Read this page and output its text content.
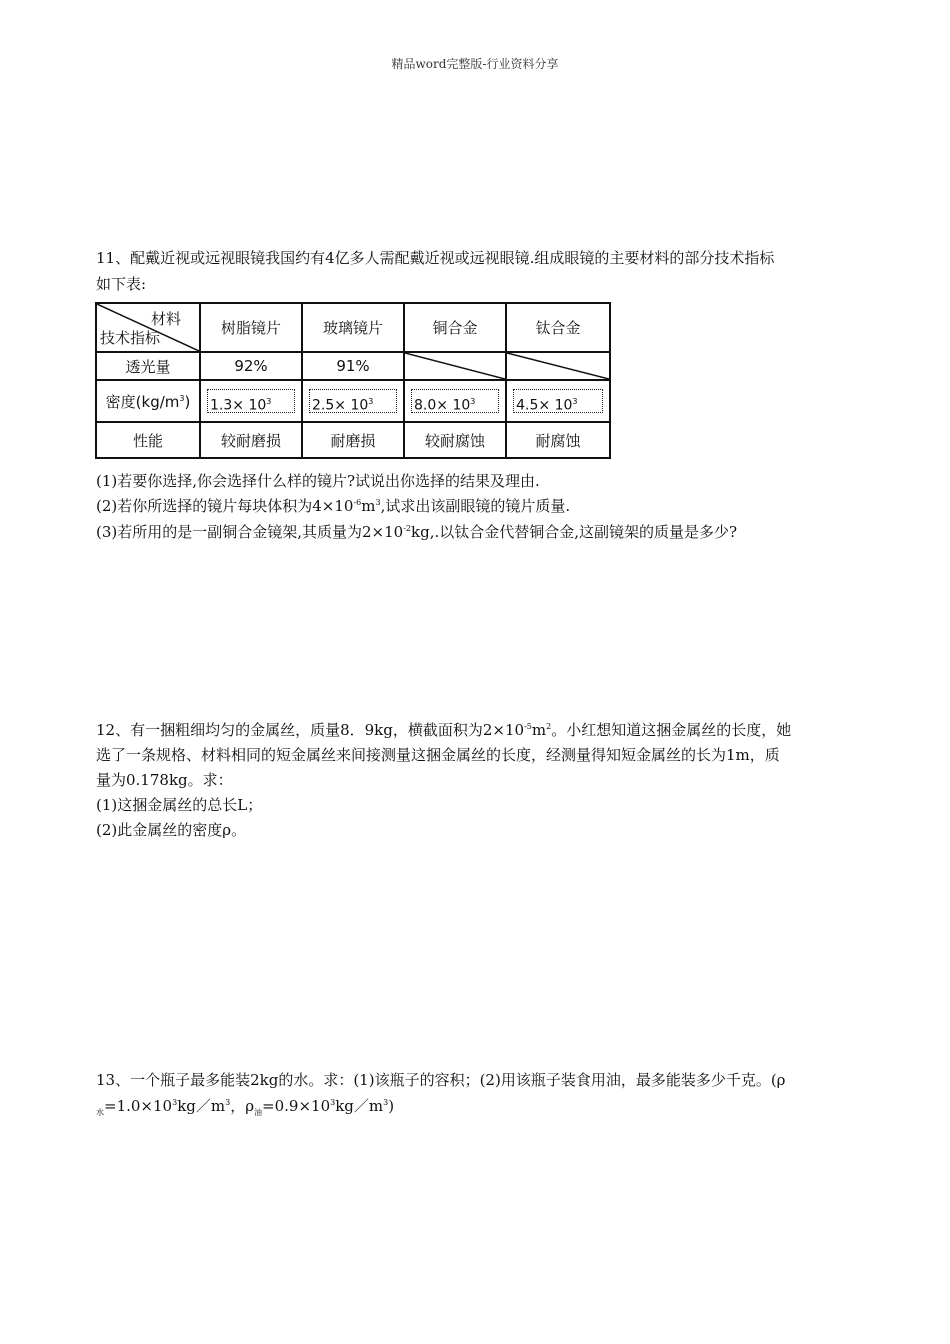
精品word完整版-行业资料分享
11、配戴近视或远视眼镜我国约有4亿多人需配戴近视或远视眼镜.组成眼镜的主要材料的部分技术指标
如下表:
材料
技术指标	树脂镜片	玻璃镜片	铜合金	钛合金
透光量	92%	91%	

密度$(kg/m^3)$	$1.3\times 10^3$	$2.5\times 10^3$	$8.0\times 10^3$	$4.5\times 10^3$
性能	较耐磨损	耐磨损	较耐腐蚀	耐腐蚀
(1)若要你选择,你会选择什么样的镜片?试说出你选择的结果及理由.
(2)若你所选择的镜片每块体积为$4\times 10^{-6}m^3$,试求出该副眼镜的镜片质量.
(3)若所用的是一副铜合金镜架,其质量为$2\times 10^{-2}kg$,.以钛合金代替铜合金,这副镜架的质量是多少?
12、有一捆粗细均匀的金属丝，质量8．9kg，横截面积为$2\times 10^{-5}m^2$。小红想知道这捆金属丝的长度，她
选了一条规格、材料相同的短金属丝来间接测量这捆金属丝的长度，经测量得知短金属丝的长为1m，质
量为0.178kg。求：
(1)这捆金属丝的总长L；
(2)此金属丝的密度ρ。
13、一个瓶子最多能装2kg的水。求：(1)该瓶子的容积；(2)用该瓶子装食用油，最多能装多少千克。(ρ
$_水=1.0\times 10^3kg/m^3$，$\rho_油=0.9\times 10^3kg/m^3$)
